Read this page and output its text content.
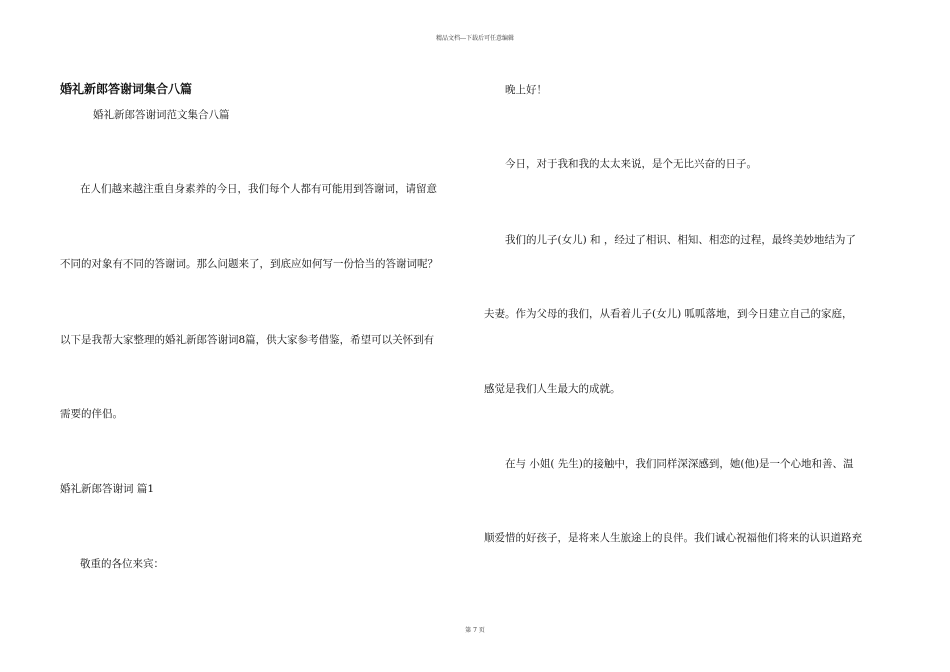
精品文档---下载后可任意编辑
婚礼新郎答谢词集合八篇
婚礼新郎答谢词范文集合八篇
在人们越来越注重自身素养的今日，我们每个人都有可能用到答谢词，请留意
不同的对象有不同的答谢词。那么问题来了，到底应如何写一份恰当的答谢词呢？
以下是我帮大家整理的婚礼新郎答谢词8篇，供大家参考借鉴，希望可以关怀到有
需要的伴侣。
婚礼新郎答谢词 篇1
敬重的各位来宾：
晚上好！
今日，对于我和我的太太来说，是个无比兴奋的日子。
我们的儿子(女儿) 和 ，经过了相识、相知、相恋的过程，最终美妙地结为了
夫妻。作为父母的我们，从看着儿子(女儿) 呱呱落地，到今日建立自己的家庭，
感觉是我们人生最大的成就。
在与 小姐( 先生)的接触中，我们同样深深感到，她(他)是一个心地和善、温
顺爱惜的好孩子，是将来人生旅途上的良伴。我们诚心祝福他们将来的认识道路充
第 7 页
